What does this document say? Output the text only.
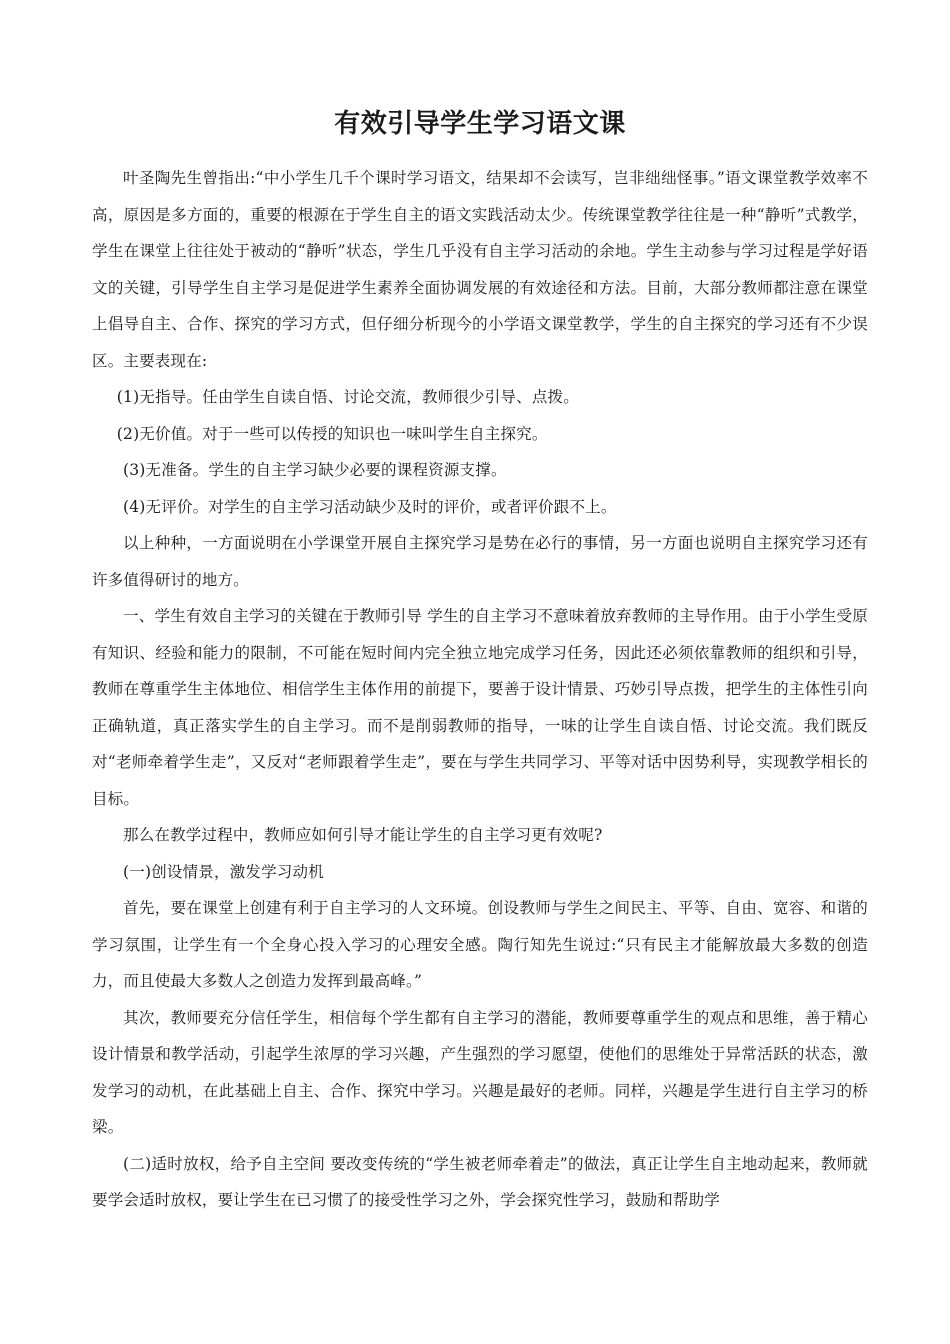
有效引导学生学习语文课

叶圣陶先生曾指出:“中小学生几千个课时学习语文，结果却不会读写，岂非绌绌怪事。”语文课堂教学效率不高，原因是多方面的，重要的根源在于学生自主的语文实践活动太少。传统课堂教学往往是一种“静听”式教学，学生在课堂上往往处于被动的“静听”状态，学生几乎没有自主学习活动的余地。学生主动参与学习过程是学好语文的关键，引导学生自主学习是促进学生素养全面协调发展的有效途径和方法。目前，大部分教师都注意在课堂上倡导自主、合作、探究的学习方式，但仔细分析现今的小学语文课堂教学，学生的自主探究的学习还有不少误区。主要表现在:

(1)无指导。任由学生自读自悟、讨论交流，教师很少引导、点拨。

(2)无价值。对于一些可以传授的知识也一味叫学生自主探究。

(3)无准备。学生的自主学习缺少必要的课程资源支撑。

(4)无评价。对学生的自主学习活动缺少及时的评价，或者评价跟不上。

以上种种，一方面说明在小学课堂开展自主探究学习是势在必行的事情，另一方面也说明自主探究学习还有许多值得研讨的地方。

一、学生有效自主学习的关键在于教师引导 学生的自主学习不意味着放弃教师的主导作用。由于小学生受原有知识、经验和能力的限制，不可能在短时间内完全独立地完成学习任务，因此还必须依靠教师的组织和引导，教师在尊重学生主体地位、相信学生主体作用的前提下，要善于设计情景、巧妙引导点拨，把学生的主体性引向正确轨道，真正落实学生的自主学习。而不是削弱教师的指导，一味的让学生自读自悟、讨论交流。我们既反对“老师牵着学生走”，又反对“老师跟着学生走”，要在与学生共同学习、平等对话中因势利导，实现教学相长的目标。

那么在教学过程中，教师应如何引导才能让学生的自主学习更有效呢?

(一)创设情景，激发学习动机

首先，要在课堂上创建有利于自主学习的人文环境。创设教师与学生之间民主、平等、自由、宽容、和谐的学习氛围，让学生有一个全身心投入学习的心理安全感。陶行知先生说过:“只有民主才能解放最大多数的创造力，而且使最大多数人之创造力发挥到最高峰。”

其次，教师要充分信任学生，相信每个学生都有自主学习的潜能，教师要尊重学生的观点和思维，善于精心设计情景和教学活动，引起学生浓厚的学习兴趣，产生强烈的学习愿望，使他们的思维处于异常活跃的状态，激发学习的动机，在此基础上自主、合作、探究中学习。兴趣是最好的老师。同样，兴趣是学生进行自主学习的桥梁。

(二)适时放权，给予自主空间 要改变传统的“学生被老师牵着走”的做法，真正让学生自主地动起来，教师就要学会适时放权，要让学生在已习惯了的接受性学习之外，学会探究性学习，鼓励和帮助学
